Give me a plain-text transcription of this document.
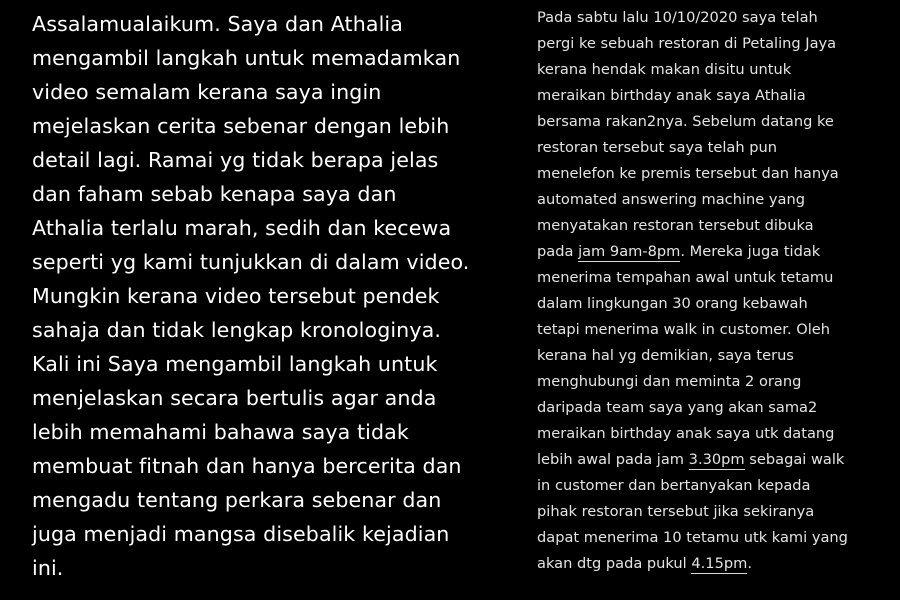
Assalamualaikum. Saya dan Athalia
mengambil langkah untuk memadamkan
video semalam kerana saya ingin
mejelaskan cerita sebenar dengan lebih
detail lagi. Ramai yg tidak berapa jelas
dan faham sebab kenapa saya dan
Athalia terlalu marah, sedih dan kecewa
seperti yg kami tunjukkan di dalam video.
Mungkin kerana video tersebut pendek
sahaja dan tidak lengkap kronologinya.
Kali ini Saya mengambil langkah untuk
menjelaskan secara bertulis agar anda
lebih memahami bahawa saya tidak
membuat fitnah dan hanya bercerita dan
mengadu tentang perkara sebenar dan
juga menjadi mangsa disebalik kejadian
ini.
Pada sabtu lalu 10/10/2020 saya telah
pergi ke sebuah restoran di Petaling Jaya
kerana hendak makan disitu untuk
meraikan birthday anak saya Athalia
bersama rakan2nya. Sebelum datang ke
restoran tersebut saya telah pun
menelefon ke premis tersebut dan hanya
automated answering machine yang
menyatakan restoran tersebut dibuka
pada jam 9am-8pm. Mereka juga tidak
menerima tempahan awal untuk tetamu
dalam lingkungan 30 orang kebawah
tetapi menerima walk in customer. Oleh
kerana hal yg demikian, saya terus
menghubungi dan meminta 2 orang
daripada team saya yang akan sama2
meraikan birthday anak saya utk datang
lebih awal pada jam 3.30pm sebagai walk
in customer dan bertanyakan kepada
pihak restoran tersebut jika sekiranya
dapat menerima 10 tetamu utk kami yang
akan dtg pada pukul 4.15pm.
